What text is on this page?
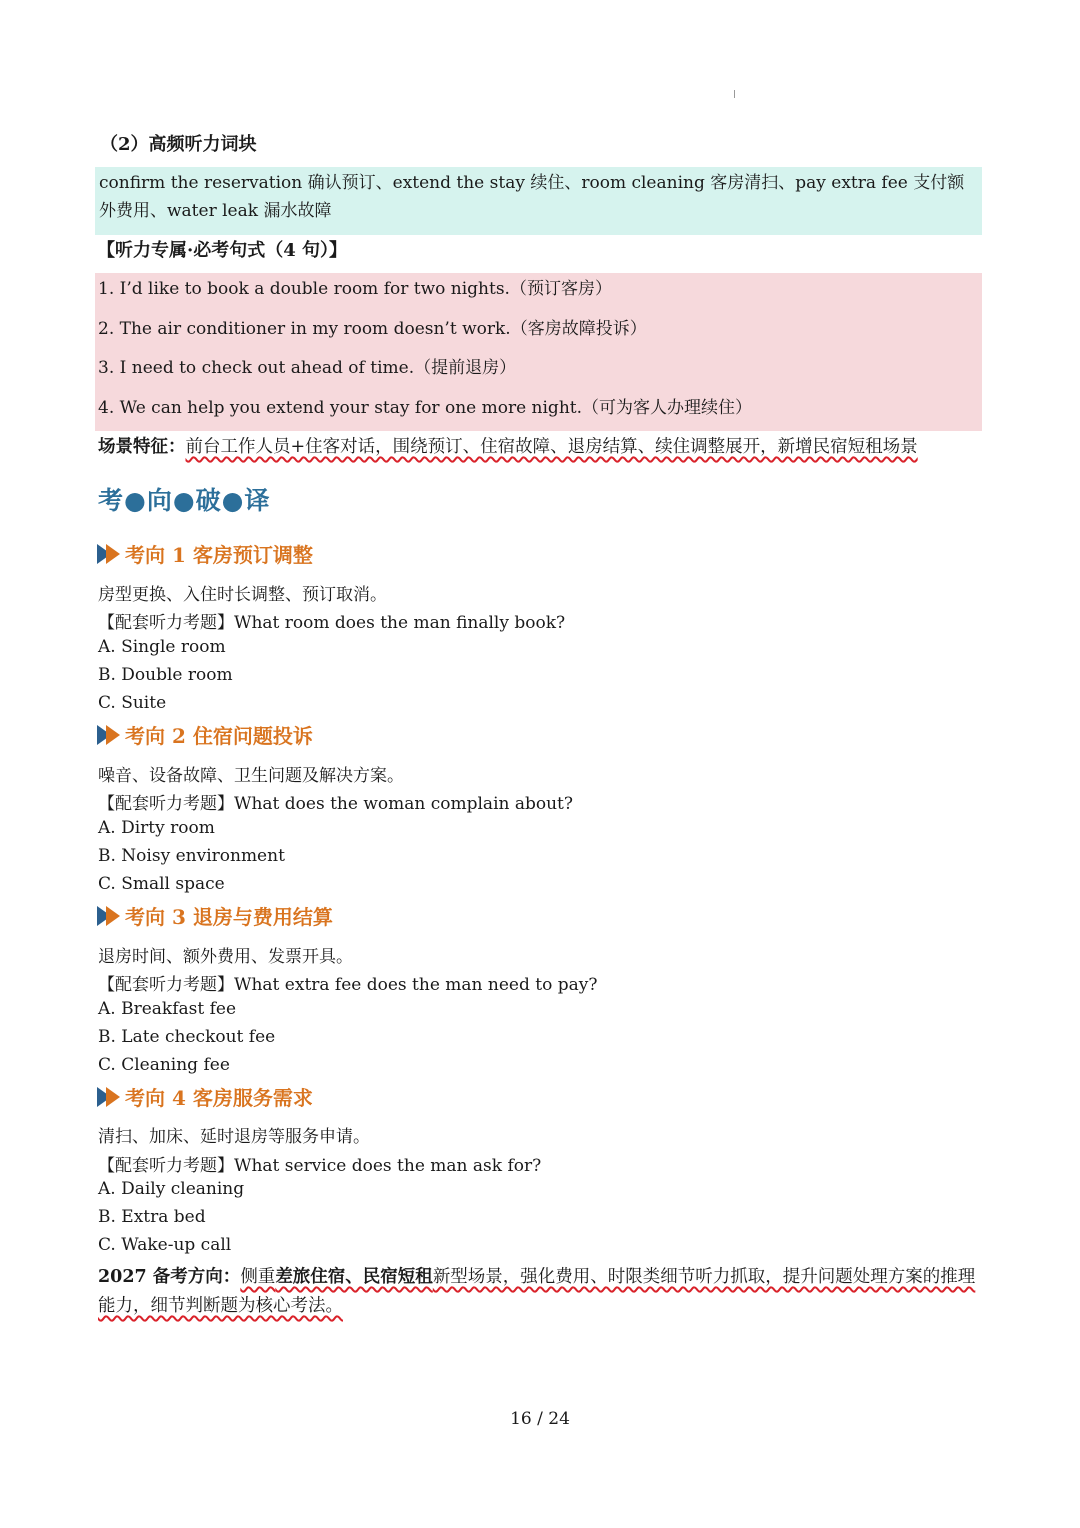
（2）高频听力词块
confirm the reservation 确认预订、extend the stay 续住、room cleaning 客房清扫、pay extra fee 支付额外费用、water leak 漏水故障
【听力专属·必考句式（4 句）】
1. I’d like to book a double room for two nights.（预订客房）
2. The air conditioner in my room doesn’t work.（客房故障投诉）
3. I need to check out ahead of time.（提前退房）
4. We can help you extend your stay for one more night.（可为客人办理续住）
场景特征：前台工作人员+住客对话，围绕预订、住宿故障、退房结算、续住调整展开，新增民宿短租场景
考●向●破●译
考向 1 客房预订调整
房型更换、入住时长调整、预订取消。
【配套听力考题】What room does the man finally book?
A. Single room
B. Double room
C. Suite
考向 2 住宿问题投诉
噪音、设备故障、卫生问题及解决方案。
【配套听力考题】What does the woman complain about?
A. Dirty room
B. Noisy environment
C. Small space
考向 3 退房与费用结算
退房时间、额外费用、发票开具。
【配套听力考题】What extra fee does the man need to pay?
A. Breakfast fee
B. Late checkout fee
C. Cleaning fee
考向 4 客房服务需求
清扫、加床、延时退房等服务申请。
【配套听力考题】What service does the man ask for?
A. Daily cleaning
B. Extra bed
C. Wake-up call
2027 备考方向：侧重差旅住宿、民宿短租新型场景，强化费用、时限类细节听力抓取，提升问题处理方案的推理能力，细节判断题为核心考法。
16 / 24
